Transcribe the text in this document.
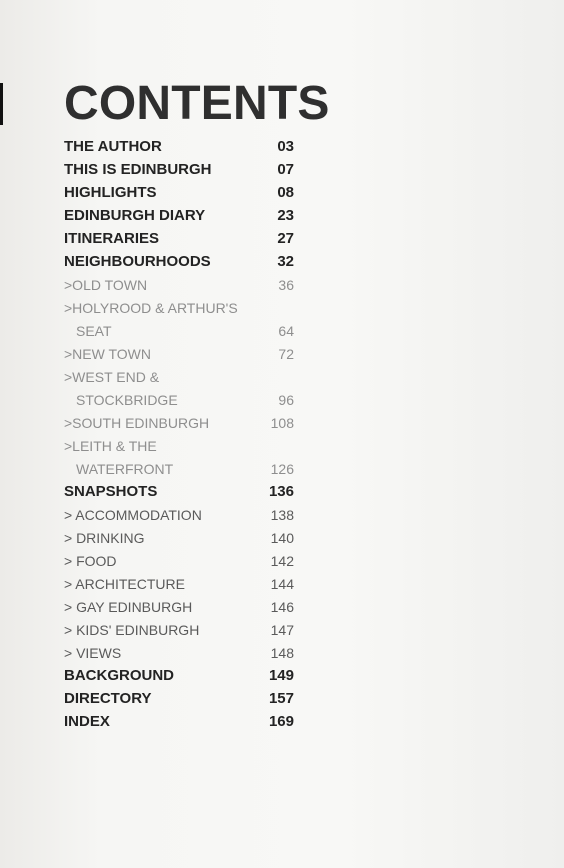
CONTENTS
THE AUTHOR	03
THIS IS EDINBURGH	07
HIGHLIGHTS	08
EDINBURGH DIARY	23
ITINERARIES	27
NEIGHBOURHOODS	32
>OLD TOWN	36
>HOLYROOD & ARTHUR'S
SEAT	64
>NEW TOWN	72
>WEST END &
STOCKBRIDGE	96
>SOUTH EDINBURGH	108
>LEITH & THE
WATERFRONT	126
SNAPSHOTS	136
> ACCOMMODATION	138
> DRINKING	140
> FOOD	142
> ARCHITECTURE	144
> GAY EDINBURGH	146
> KIDS' EDINBURGH	147
> VIEWS	148
BACKGROUND	149
DIRECTORY	157
INDEX	169
